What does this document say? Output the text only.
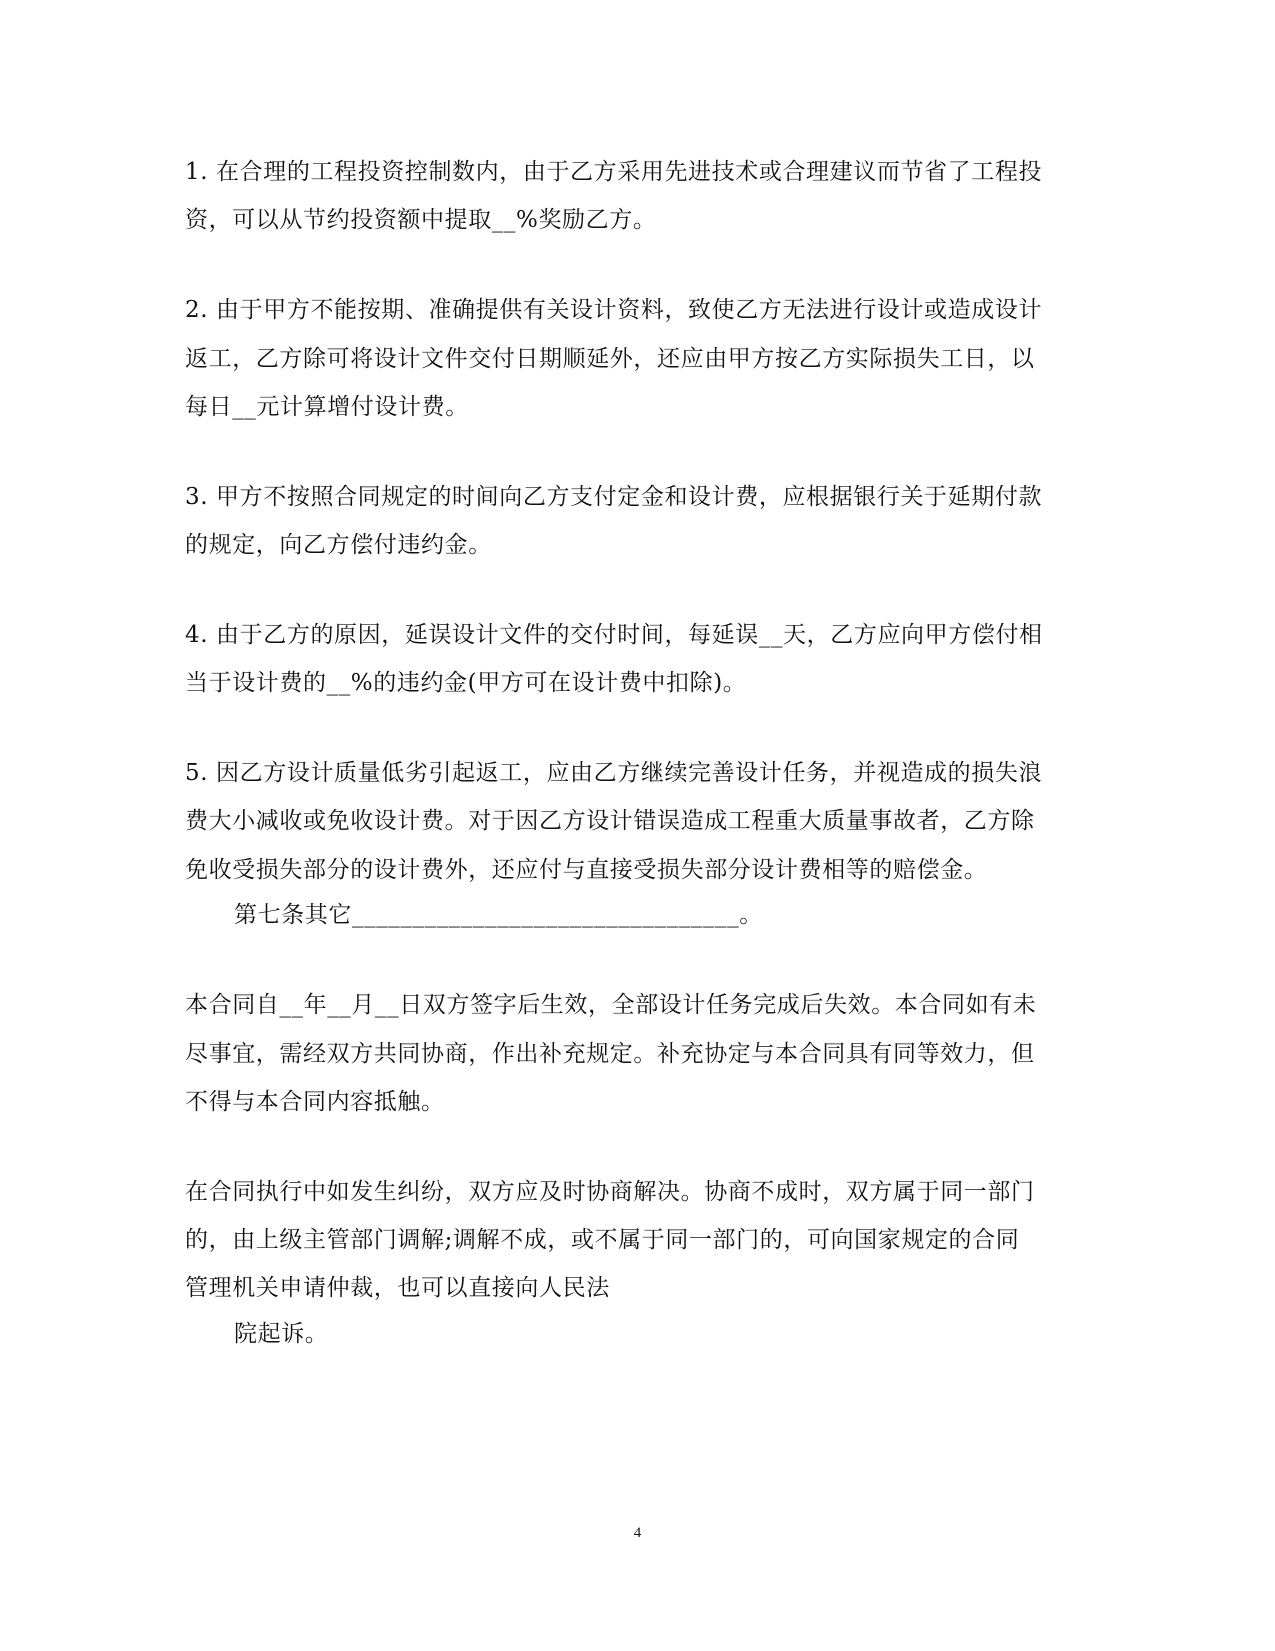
1. 在合理的工程投资控制数内，由于乙方采用先进技术或合理建议而节省了工程投
资，可以从节约投资额中提取__%奖励乙方。
2. 由于甲方不能按期、准确提供有关设计资料，致使乙方无法进行设计或造成设计
返工，乙方除可将设计文件交付日期顺延外，还应由甲方按乙方实际损失工日，以
每日__元计算增付设计费。
3. 甲方不按照合同规定的时间向乙方支付定金和设计费，应根据银行关于延期付款
的规定，向乙方偿付违约金。
4. 由于乙方的原因，延误设计文件的交付时间，每延误__天，乙方应向甲方偿付相
当于设计费的__%的违约金(甲方可在设计费中扣除)。
5. 因乙方设计质量低劣引起返工，应由乙方继续完善设计任务，并视造成的损失浪
费大小减收或免收设计费。对于因乙方设计错误造成工程重大质量事故者，乙方除
免收受损失部分的设计费外，还应付与直接受损失部分设计费相等的赔偿金。
第七条其它________________________________。
本合同自__年__月__日双方签字后生效，全部设计任务完成后失效。本合同如有未
尽事宜，需经双方共同协商，作出补充规定。补充协定与本合同具有同等效力，但
不得与本合同内容抵触。
在合同执行中如发生纠纷，双方应及时协商解决。协商不成时，双方属于同一部门
的，由上级主管部门调解;调解不成，或不属于同一部门的，可向国家规定的合同
管理机关申请仲裁，也可以直接向人民法
院起诉。
4
